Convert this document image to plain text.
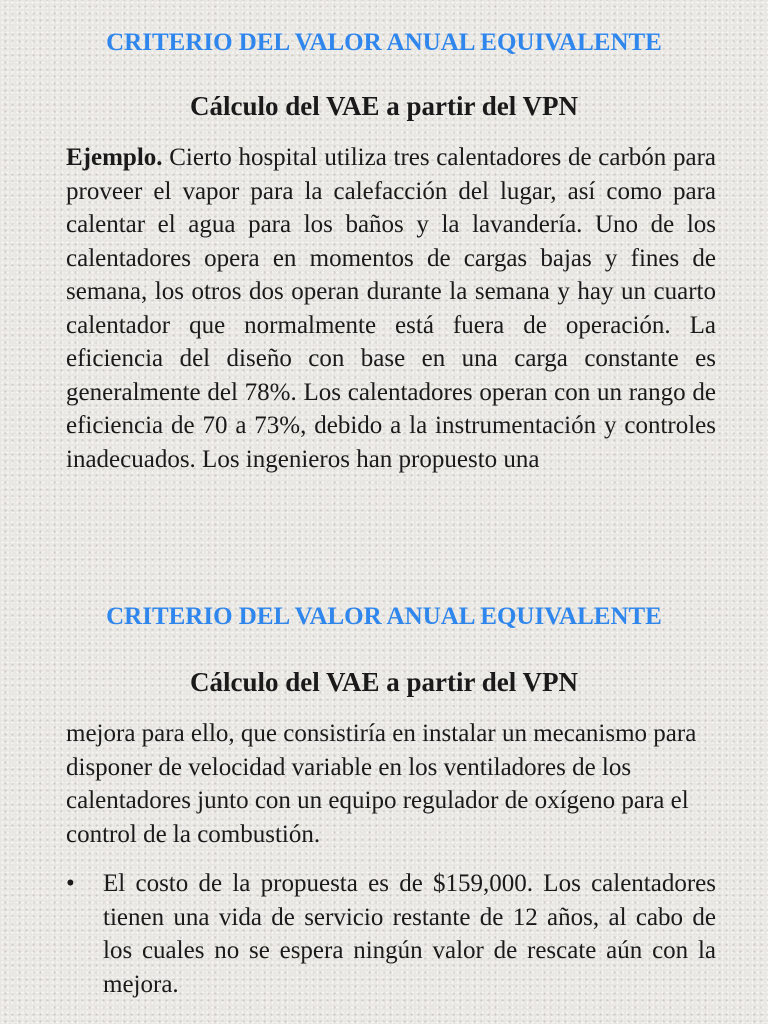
CRITERIO DEL VALOR ANUAL EQUIVALENTE
Cálculo del VAE a partir del VPN

Ejemplo. Cierto hospital utiliza tres calentadores de carbón para proveer el vapor para la calefacción del lugar, así como para calentar el agua para los baños y la lavandería. Uno de los calentadores opera en momentos de cargas bajas y fines de semana, los otros dos operan durante la semana y hay un cuarto calentador que normalmente está fuera de operación. La eficiencia del diseño con base en una carga constante es generalmente del 78%. Los calentadores operan con un rango de eficiencia de 70 a 73%, debido a la instrumentación y controles inadecuados. Los ingenieros han propuesto una

CRITERIO DEL VALOR ANUAL EQUIVALENTE
Cálculo del VAE a partir del VPN

mejora para ello, que consistiría en instalar un mecanismo para disponer de velocidad variable en los ventiladores de los calentadores junto con un equipo regulador de oxígeno para el control de la combustión.

•	El costo de la propuesta es de $159,000. Los calentadores tienen una vida de servicio restante de 12 años, al cabo de los cuales no se espera ningún valor de rescate aún con la mejora.
